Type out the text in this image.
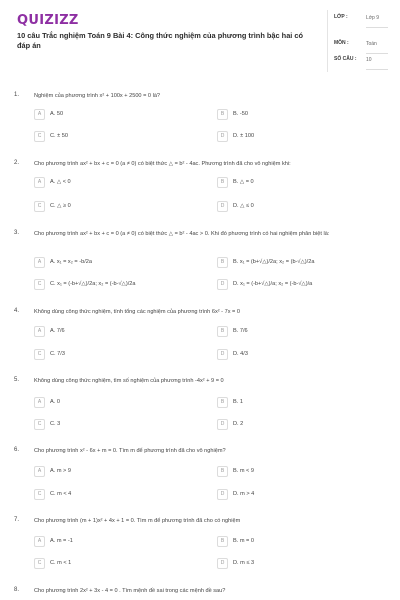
QUIZIZZ
10 câu Trắc nghiệm Toán 9 Bài 4: Công thức nghiệm của phương trình bậc hai có đáp án
LỚP :	Lớp 9
MÔN :	Toán
SỐ CÂU : 10
1.	Nghiệm của phương trình x² + 100x + 2500 = 0 là?
A	A. 50	B	B. -50
C	C. ± 50	D	D. ± 100
2.	Cho phương trình ax² + bx + c = 0 (a ≠ 0) có biệt thức △ = b² - 4ac. Phương trình đã cho vô nghiệm khi:
A	A. △ < 0	B	B. △ = 0
C	C. △ ≥ 0	D	D. △ ≤ 0
3.	Cho phương trình ax² + bx + c = 0 (a ≠ 0) có biệt thức △ = b² - 4ac > 0. Khi đó phương trình có hai nghiệm phân biệt là:
A	A. x₁ = x₂ = -b/2a	B	B. x₁ = (b+√△)/2a; x₂ = (b-√△)/2a
C	C. x₁ = (-b+√△)/2a; x₂ = (-b-√△)/2a	D	D. x₁ = (-b+√△)/a; x₂ = (-b-√△)/a
4.	Không dùng công thức nghiệm, tính tổng các nghiệm của phương trình 6x² - 7x = 0
A	A. 7/6	B	B. 7/6
C	C. 7/3	D	D. 4/3
5.	Không dùng công thức nghiệm, tìm số nghiệm của phương trình -4x² + 9 = 0
A	A. 0	B	B. 1
C	C. 3	D	D. 2
6.	Cho phương trình x² - 6x + m = 0. Tìm m để phương trình đã cho vô nghiệm?
A	A. m > 9	B	B. m < 9
C	C. m < 4	D	D. m > 4
7.	Cho phương trình (m + 1)x² + 4x + 1 = 0. Tìm m để phương trình đã cho có nghiệm
A	A. m = -1	B	B. m = 0
C	C. m < 1	D	D. m ≤ 3
8.	Cho phương trình 2x² + 3x - 4 = 0 . Tìm mệnh đề sai trong các mệnh đề sau?
